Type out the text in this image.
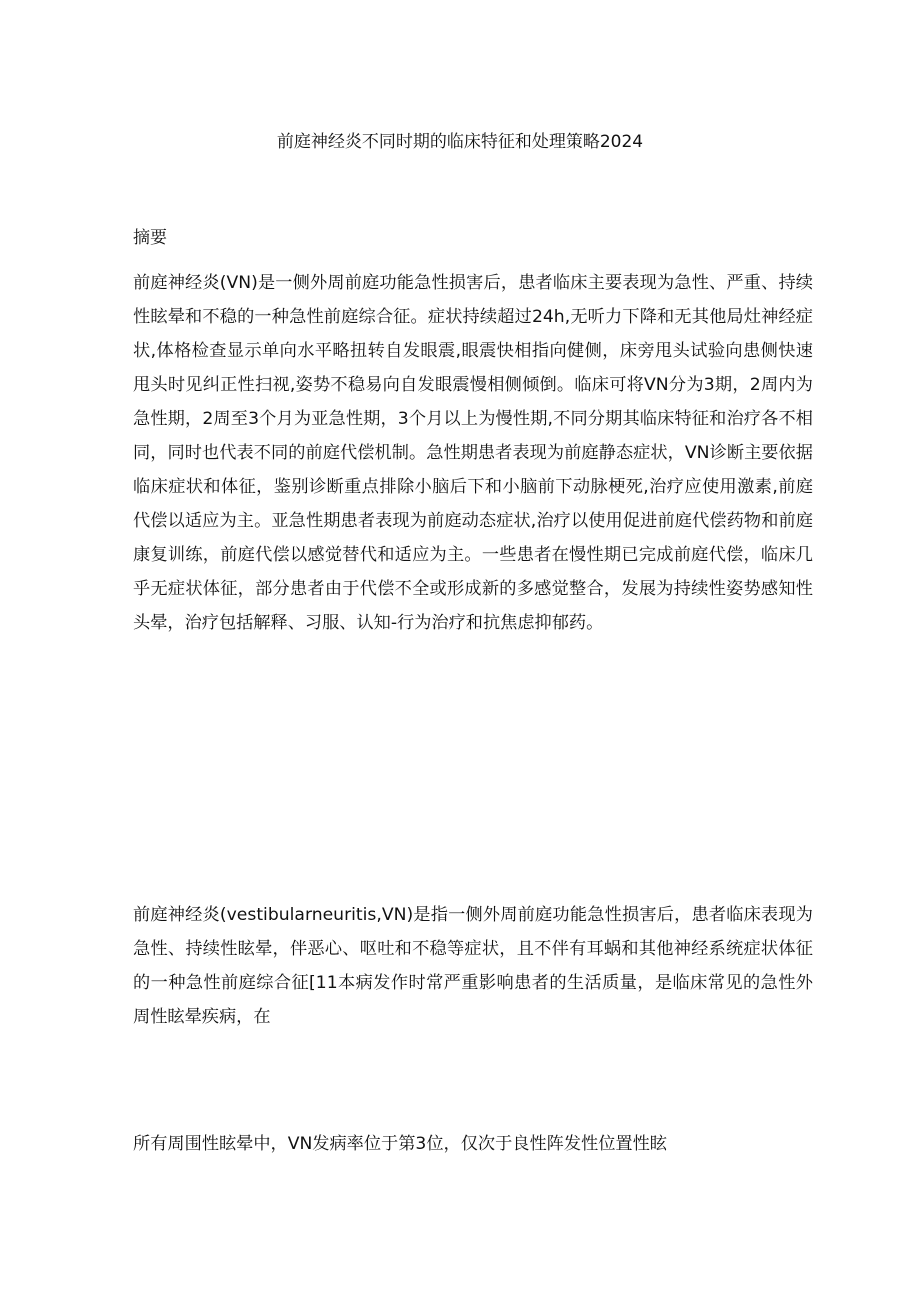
前庭神经炎不同时期的临床特征和处理策略2024
摘要
前庭神经炎(VN)是一侧外周前庭功能急性损害后，患者临床主要表现为急性、严重、持续性眩晕和不稳的一种急性前庭综合征。症状持续超过24h,无听力下降和无其他局灶神经症状,体格检查显示单向水平略扭转自发眼震,眼震快相指向健侧，床旁甩头试验向患侧快速甩头时见纠正性扫视,姿势不稳易向自发眼震慢相侧倾倒。临床可将VN分为3期，2周内为急性期，2周至3个月为亚急性期，3个月以上为慢性期,不同分期其临床特征和治疗各不相同，同时也代表不同的前庭代偿机制。急性期患者表现为前庭静态症状，VN诊断主要依据临床症状和体征，鉴别诊断重点排除小脑后下和小脑前下动脉梗死,治疗应使用激素,前庭代偿以适应为主。亚急性期患者表现为前庭动态症状,治疗以使用促进前庭代偿药物和前庭康复训练，前庭代偿以感觉替代和适应为主。一些患者在慢性期已完成前庭代偿，临床几乎无症状体征，部分患者由于代偿不全或形成新的多感觉整合，发展为持续性姿势感知性头晕，治疗包括解释、习服、认知-行为治疗和抗焦虑抑郁药。
前庭神经炎(vestibularneuritis,VN)是指一侧外周前庭功能急性损害后，患者临床表现为急性、持续性眩晕，伴恶心、呕吐和不稳等症状，且不伴有耳蜗和其他神经系统症状体征的一种急性前庭综合征[11本病发作时常严重影响患者的生活质量，是临床常见的急性外周性眩晕疾病，在
所有周围性眩晕中，VN发病率位于第3位，仅次于良性阵发性位置性眩
